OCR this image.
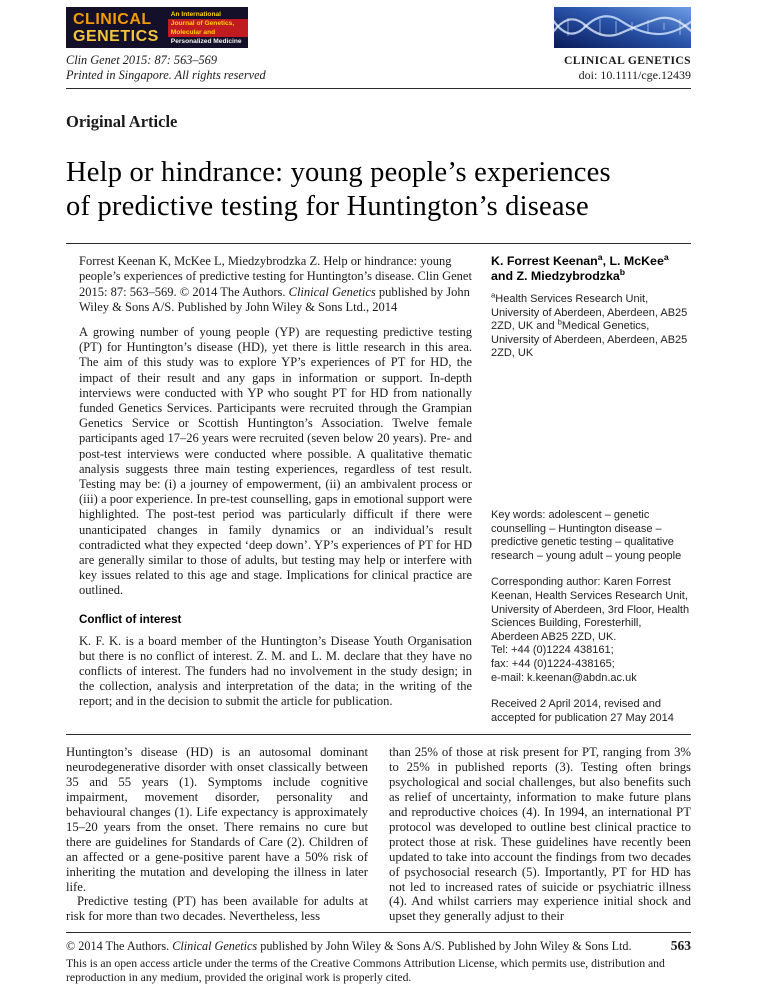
CLINICAL
GENETICS
An International
Journal of Genetics,
Molecular and
Personalized Medicine
Clin Genet 2015: 87: 563–569
Printed in Singapore. All rights reserved
CLINICAL GENETICS
doi: 10.1111/cge.12439
Original Article
Help or hindrance: young people’s experiences
of predictive testing for Huntington’s disease

Forrest Keenan K, McKee L, Miedzybrodzka Z. Help or hindrance: young people’s experiences of predictive testing for Huntington’s disease. Clin Genet 2015: 87: 563–569. © 2014 The Authors. Clinical Genetics published by John Wiley & Sons A/S. Published by John Wiley & Sons Ltd., 2014

A growing number of young people (YP) are requesting predictive testing (PT) for Huntington’s disease (HD), yet there is little research in this area. The aim of this study was to explore YP’s experiences of PT for HD, the impact of their result and any gaps in information or support. In-depth interviews were conducted with YP who sought PT for HD from nationally funded Genetics Services. Participants were recruited through the Grampian Genetics Service or Scottish Huntington’s Association. Twelve female participants aged 17–26 years were recruited (seven below 20 years). Pre- and post-test interviews were conducted where possible. A qualitative thematic analysis suggests three main testing experiences, regardless of test result. Testing may be: (i) a journey of empowerment, (ii) an ambivalent process or (iii) a poor experience. In pre-test counselling, gaps in emotional support were highlighted. The post-test period was particularly difficult if there were unanticipated changes in family dynamics or an individual’s result contradicted what they expected ‘deep down’. YP’s experiences of PT for HD are generally similar to those of adults, but testing may help or interfere with key issues related to this age and stage. Implications for clinical practice are outlined.

Conflict of interest

K. F. K. is a board member of the Huntington’s Disease Youth Organisation but there is no conflict of interest. Z. M. and L. M. declare that they have no conflicts of interest. The funders had no involvement in the study design; in the collection, analysis and interpretation of the data; in the writing of the report; and in the decision to submit the article for publication.

K. Forrest Keenan$^a$, L. McKee$^a$ and Z. Miedzybrodzka$^b$

$^a$Health Services Research Unit, University of Aberdeen, Aberdeen, AB25 2ZD, UK and $^b$Medical Genetics, University of Aberdeen, Aberdeen, AB25 2ZD, UK

Key words: adolescent – genetic counselling – Huntington disease – predictive genetic testing – qualitative research – young adult – young people

Corresponding author: Karen Forrest Keenan, Health Services Research Unit, University of Aberdeen, 3rd Floor, Health Sciences Building, Foresterhill, Aberdeen AB25 2ZD, UK.

Tel: +44 (0)1224 438161;

fax: +44 (0)1224-438165;

e-mail: k.keenan@abdn.ac.uk

Received 2 April 2014, revised and accepted for publication 27 May 2014

Huntington’s disease (HD) is an autosomal dominant neurodegenerative disorder with onset classically between 35 and 55 years (1). Symptoms include cognitive impairment, movement disorder, personality and behavioural changes (1). Life expectancy is approximately 15–20 years from the onset. There remains no cure but there are guidelines for Standards of Care (2). Children of an affected or a gene-positive parent have a 50% risk of inheriting the mutation and developing the illness in later life.

Predictive testing (PT) has been available for adults at risk for more than two decades. Nevertheless, less

than 25% of those at risk present for PT, ranging from 3% to 25% in published reports (3). Testing often brings psychological and social challenges, but also benefits such as relief of uncertainty, information to make future plans and reproductive choices (4). In 1994, an international PT protocol was developed to outline best clinical practice to protect those at risk. These guidelines have recently been updated to take into account the findings from two decades of psychosocial research (5). Importantly, PT for HD has not led to increased rates of suicide or psychiatric illness (4). And whilst carriers may experience initial shock and upset they generally adjust to their

© 2014 The Authors. Clinical Genetics published by John Wiley & Sons A/S. Published by John Wiley & Sons Ltd.	563
This is an open access article under the terms of the Creative Commons Attribution License, which permits use, distribution and reproduction in any medium, provided the original work is properly cited.
